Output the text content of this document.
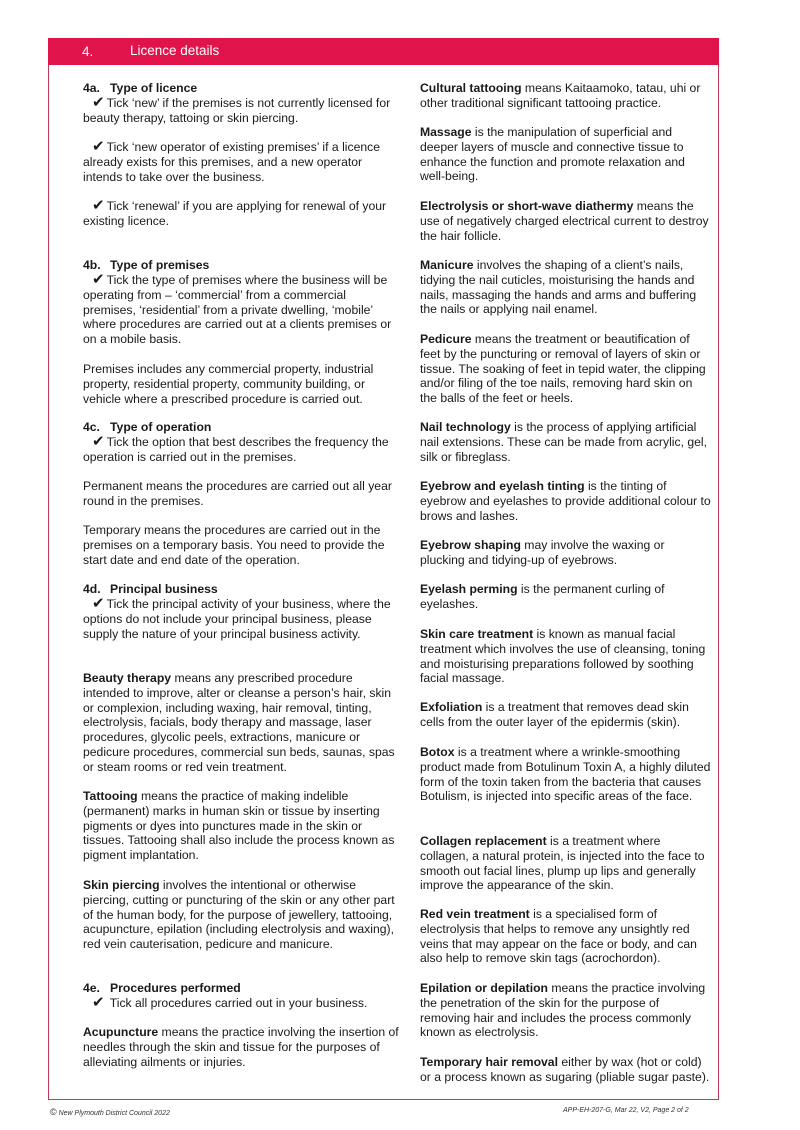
4.	Licence details
4a. Type of licence
✔ Tick ‘new’ if the premises is not currently licensed for beauty therapy, tattoing or skin piercing.
✔ Tick ‘new operator of existing premises’ if a licence already exists for this premises, and a new operator intends to take over the business.
✔ Tick ‘renewal’ if you are applying for renewal of your existing licence.
4b. Type of premises
✔ Tick the type of premises where the business will be operating from – ‘commercial’ from a commercial premises, ‘residential’ from a private dwelling, ‘mobile’ where procedures are carried out at a clients premises or on a mobile basis.
Premises includes any commercial property, industrial property, residential property, community building, or vehicle where a prescribed procedure is carried out.
4c. Type of operation
✔ Tick the option that best describes the frequency the operation is carried out in the premises.
Permanent means the procedures are carried out all year round in the premises.
Temporary means the procedures are carried out in the premises on a temporary basis. You need to provide the start date and end date of the operation.
4d. Principal business
✔ Tick the principal activity of your business, where the options do not include your principal business, please supply the nature of your principal business activity.
Beauty therapy means any prescribed procedure intended to improve, alter or cleanse a person’s hair, skin or complexion, including waxing, hair removal, tinting, electrolysis, facials, body therapy and massage, laser procedures, glycolic peels, extractions, manicure or pedicure procedures, commercial sun beds, saunas, spas or steam rooms or red vein treatment.
Tattooing means the practice of making indelible (permanent) marks in human skin or tissue by inserting pigments or dyes into punctures made in the skin or tissues. Tattooing shall also include the process known as pigment implantation.
Skin piercing involves the intentional or otherwise piercing, cutting or puncturing of the skin or any other part of the human body, for the purpose of jewellery, tattooing, acupuncture, epilation (including electrolysis and waxing), red vein cauterisation, pedicure and manicure.
4e. Procedures performed
✔ Tick all procedures carried out in your business.
Acupuncture means the practice involving the insertion of needles through the skin and tissue for the purposes of alleviating ailments or injuries.
Cultural tattooing means Kaitaamoko, tatau, uhi or other traditional significant tattooing practice.
Massage is the manipulation of superficial and deeper layers of muscle and connective tissue to enhance the function and promote relaxation and well-being.
Electrolysis or short-wave diathermy means the use of negatively charged electrical current to destroy the hair follicle.
Manicure involves the shaping of a client’s nails, tidying the nail cuticles, moisturising the hands and nails, massaging the hands and arms and buffering the nails or applying nail enamel.
Pedicure means the treatment or beautification of feet by the puncturing or removal of layers of skin or tissue. The soaking of feet in tepid water, the clipping and/or filing of the toe nails, removing hard skin on the balls of the feet or heels.
Nail technology is the process of applying artificial nail extensions. These can be made from acrylic, gel, silk or fibreglass.
Eyebrow and eyelash tinting is the tinting of eyebrow and eyelashes to provide additional colour to brows and lashes.
Eyebrow shaping may involve the waxing or plucking and tidying-up of eyebrows.
Eyelash perming is the permanent curling of eyelashes.
Skin care treatment is known as manual facial treatment which involves the use of cleansing, toning and moisturising preparations followed by soothing facial massage.
Exfoliation is a treatment that removes dead skin cells from the outer layer of the epidermis (skin).
Botox is a treatment where a wrinkle-smoothing product made from Botulinum Toxin A, a highly diluted form of the toxin taken from the bacteria that causes Botulism, is injected into specific areas of the face.
Collagen replacement is a treatment where collagen, a natural protein, is injected into the face to smooth out facial lines, plump up lips and generally improve the appearance of the skin.
Red vein treatment is a specialised form of electrolysis that helps to remove any unsightly red veins that may appear on the face or body, and can also help to remove skin tags (acrochordon).
Epilation or depilation means the practice involving the penetration of the skin for the purpose of removing hair and includes the process commonly known as electrolysis.
Temporary hair removal either by wax (hot or cold) or a process known as sugaring (pliable sugar paste).
© New Plymouth District Council 2022	APP-EH-207-G, Mar 22, V2, Page 2 of 2
